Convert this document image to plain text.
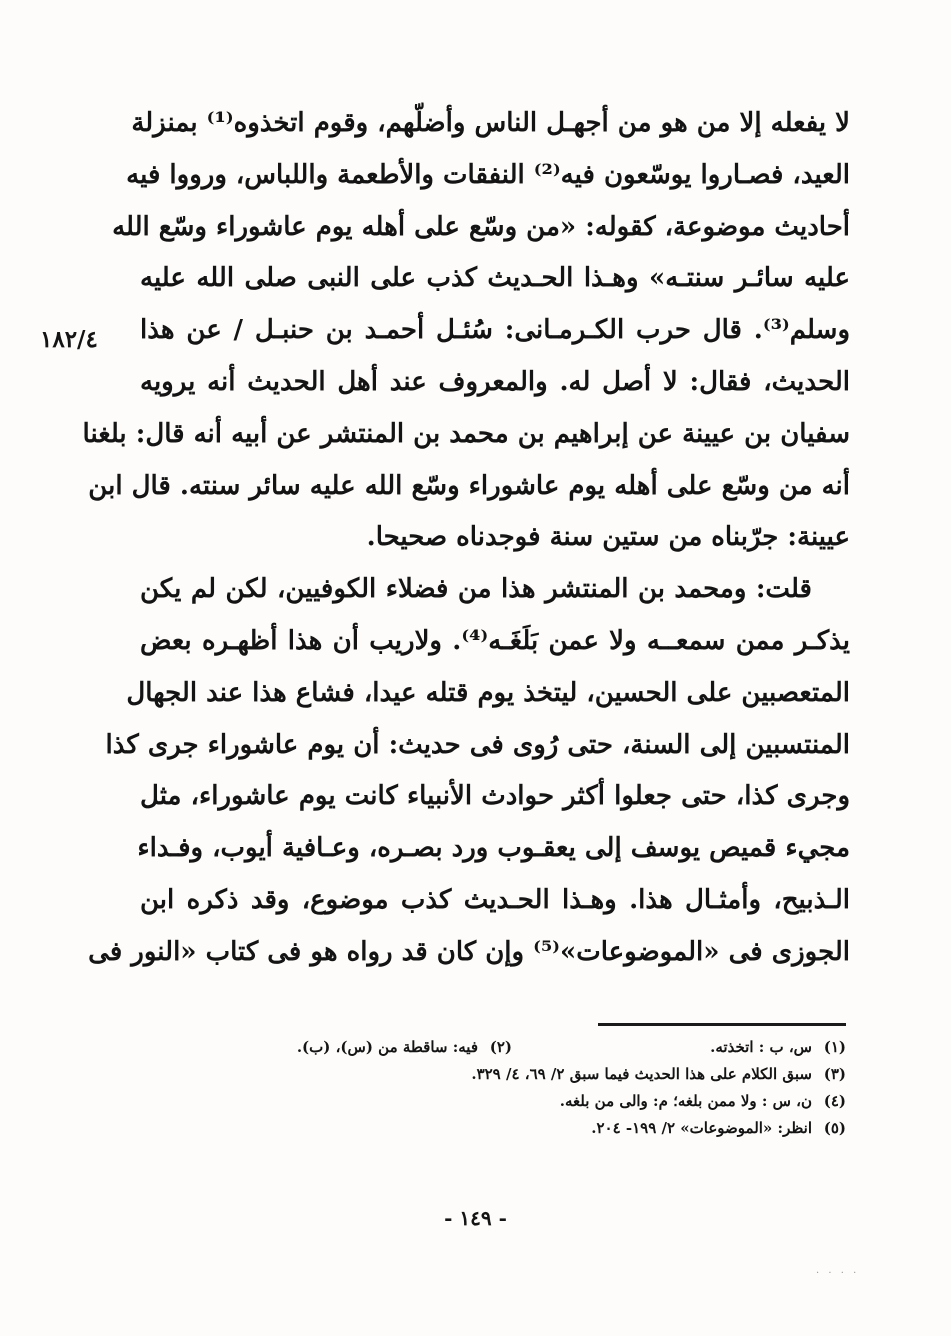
١٨٢/٤
لا يفعله إلا من هو من أجهـل الناس وأضلّهم، وقوم اتخذوه⁽¹⁾ بمنزلة
العيد، فصـاروا يوسّعون فيه⁽²⁾ النفقات والأطعمة واللباس، ورووا فيه
أحاديث موضوعة، كقوله: «من وسّع على أهله يوم عاشوراء وسّع الله
عليه سائـر سنتـه» وهـذا الحـديث كذب على النبى صلى الله عليه
وسلم⁽³⁾. قال حرب الكـرمـانى: سُئـل أحمـد بن حنبـل / عن هذا
الحديث، فقال: لا أصل له. والمعروف عند أهل الحديث أنه يرويه
سفيان بن عيينة عن إبراهيم بن محمد بن المنتشر عن أبيه أنه قال: بلغنا
أنه من وسّع على أهله يوم عاشوراء وسّع الله عليه سائر سنته. قال ابن
عيينة: جرّبناه من ستين سنة فوجدناه صحيحا.
قلت: ومحمد بن المنتشر هذا من فضلاء الكوفيين، لكن لم يكن
يذكـر ممن سمعــه ولا عمن بَلَغَـه⁽⁴⁾. ولاريب أن هذا أظهـره بعض
المتعصبين على الحسين، ليتخذ يوم قتله عيدا، فشاع هذا عند الجهال
المنتسبين إلى السنة، حتى رُوى فى حديث: أن يوم عاشوراء جرى كذا
وجرى كذا، حتى جعلوا أكثر حوادث الأنبياء كانت يوم عاشوراء، مثل
مجيء قميص يوسف إلى يعقـوب ورد بصـره، وعـافية أيوب، وفـداء
الـذبيح، وأمثـال هذا. وهـذا الحـديث كذب موضوع، وقد ذكره ابن
الجوزى فى «الموضوعات»⁽⁵⁾ وإن كان قد رواه هو فى كتاب «النور فى
(١)
س، ب : اتخذته.
(٢)
فيه: ساقطة من (س)، (ب).
(٣)
سبق الكلام على هذا الحديث فيما سبق ٢/ ٦٩، ٤/ ٣٢٩.
(٤)
ن، س : ولا ممن بلغه؛ م: والى من بلغه.
(٥)
انظر: «الموضوعات» ٢/ ١٩٩- ٢٠٤.
- ١٤٩ -
· · · ·
